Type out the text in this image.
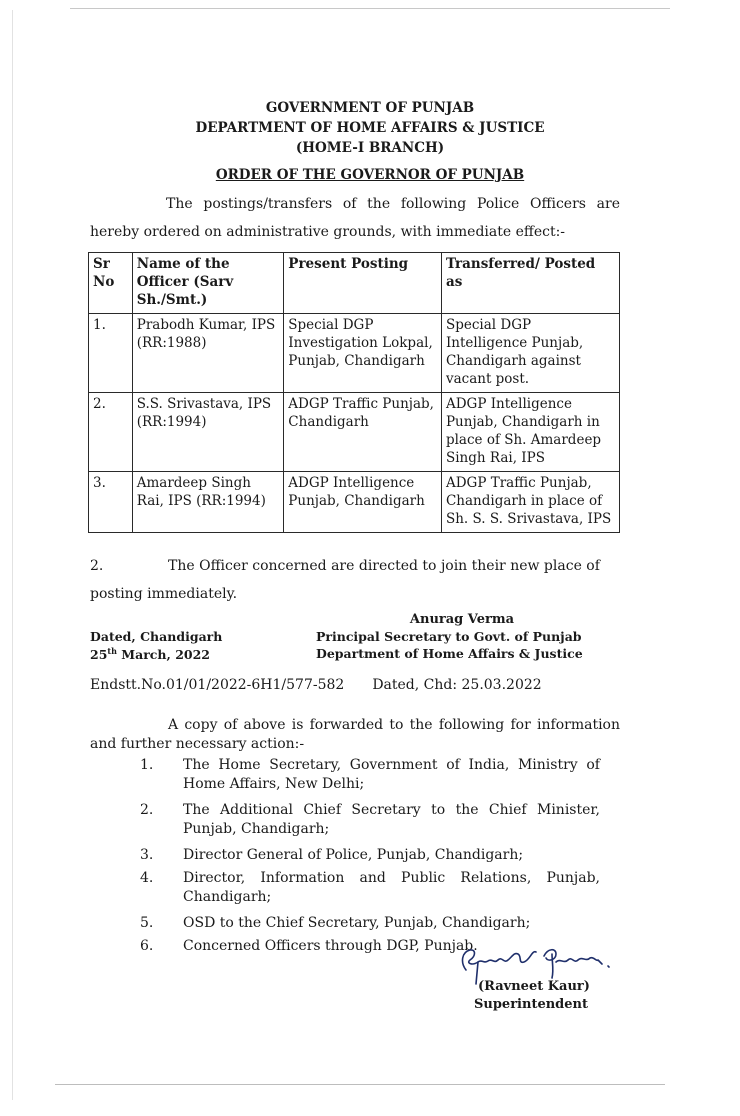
GOVERNMENT OF PUNJAB
DEPARTMENT OF HOME AFFAIRS & JUSTICE
(HOME-I BRANCH)
ORDER OF THE GOVERNOR OF PUNJAB
The postings/transfers of the following Police Officers are hereby ordered on administrative grounds, with immediate effect:-
Sr No	Name of the Officer (Sarv Sh./Smt.)	Present Posting	Transferred/ Posted as
1.	Prabodh Kumar, IPS (RR:1988)	Special DGP Investigation Lokpal, Punjab, Chandigarh	Special DGP Intelligence Punjab, Chandigarh against vacant post.
2.	S.S. Srivastava, IPS (RR:1994)	ADGP Traffic Punjab, Chandigarh	ADGP Intelligence Punjab, Chandigarh in place of Sh. Amardeep Singh Rai, IPS
3.	Amardeep Singh Rai, IPS (RR:1994)	ADGP Intelligence Punjab, Chandigarh	ADGP Traffic Punjab, Chandigarh in place of Sh. S. S. Srivastava, IPS
2.	The Officer concerned are directed to join their new place of posting immediately.
Anurag Verma
Dated, Chandigarh	Principal Secretary to Govt. of Punjab
25th March, 2022	Department of Home Affairs & Justice
Endstt.No.01/01/2022-6H1/577-582 Dated, Chd: 25.03.2022
A copy of above is forwarded to the following for information and further necessary action:-
1.	The Home Secretary, Government of India, Ministry of Home Affairs, New Delhi;
2.	The Additional Chief Secretary to the Chief Minister, Punjab, Chandigarh;
3.	Director General of Police, Punjab, Chandigarh;
4.	Director, Information and Public Relations, Punjab, Chandigarh;
5.	OSD to the Chief Secretary, Punjab, Chandigarh;
6.	Concerned Officers through DGP, Punjab.
(Ravneet Kaur)
Superintendent
